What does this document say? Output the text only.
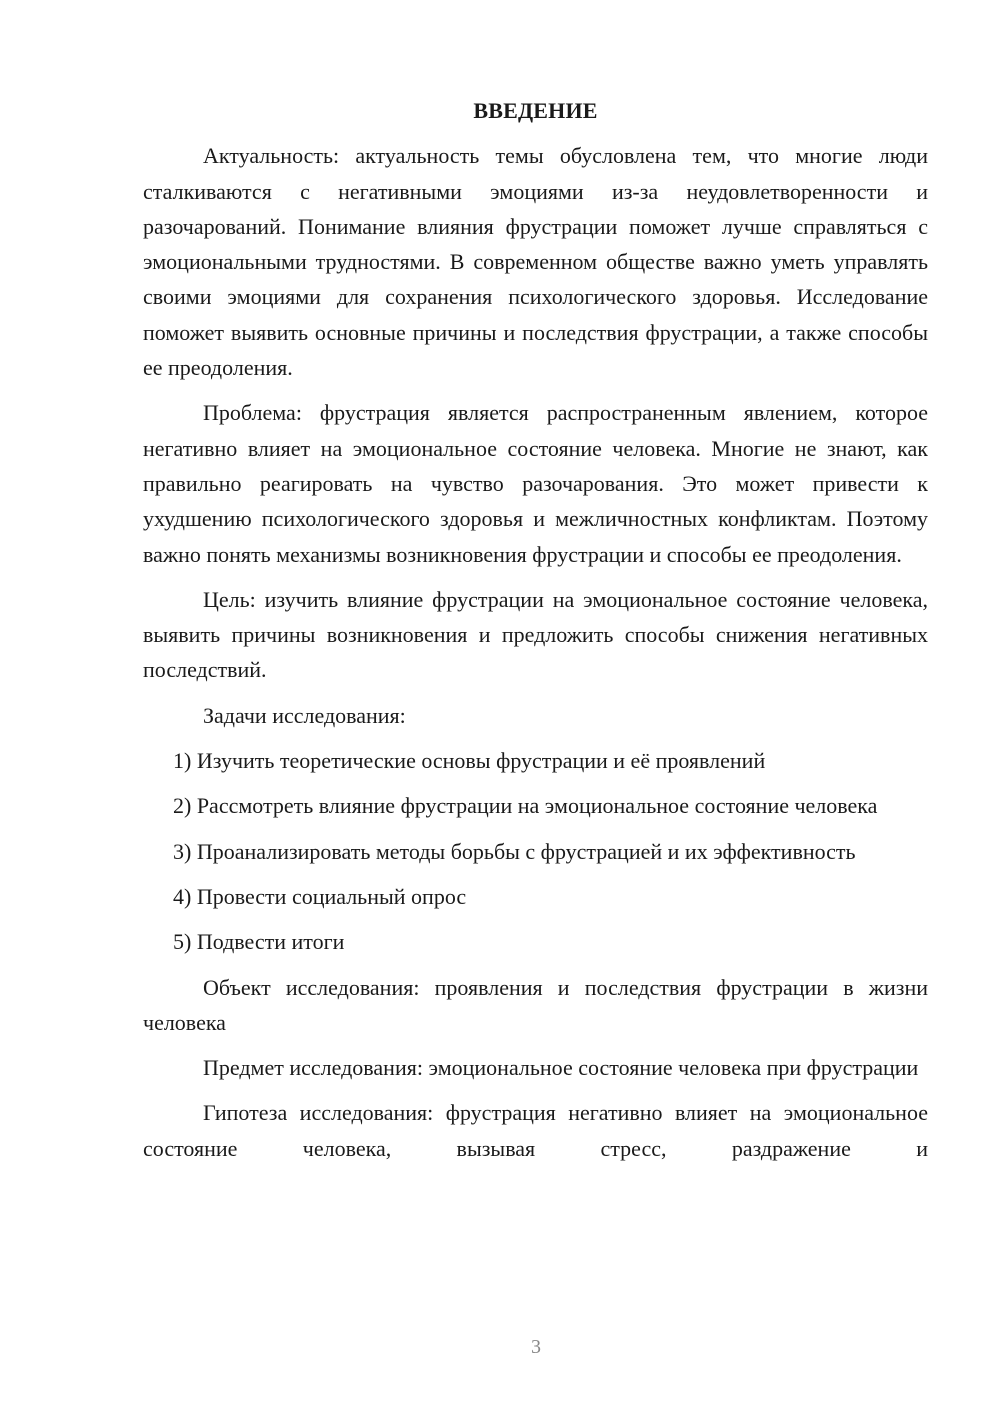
ВВЕДЕНИЕ

Актуальность: актуальность темы обусловлена тем, что многие люди сталкиваются с негативными эмоциями из-за неудовлетворенности и разочарований. Понимание влияния фрустрации поможет лучше справляться с эмоциональными трудностями. В современном обществе важно уметь управлять своими эмоциями для сохранения психологического здоровья. Исследование поможет выявить основные причины и последствия фрустрации, а также способы ее преодоления.

Проблема: фрустрация является распространенным явлением, которое негативно влияет на эмоциональное состояние человека. Многие не знают, как правильно реагировать на чувство разочарования. Это может привести к ухудшению психологического здоровья и межличностных конфликтам. Поэтому важно понять механизмы возникновения фрустрации и способы ее преодоления.

Цель: изучить влияние фрустрации на эмоциональное состояние человека, выявить причины возникновения и предложить способы снижения негативных последствий.

Задачи исследования:

1) Изучить теоретические основы фрустрации и её проявлений

2) Рассмотреть влияние фрустрации на эмоциональное состояние человека

3) Проанализировать методы борьбы с фрустрацией и их эффективность

4) Провести социальный опрос

5) Подвести итоги

Объект исследования: проявления и последствия фрустрации в жизни человека

Предмет исследования: эмоциональное состояние человека при фрустрации

Гипотеза исследования: фрустрация негативно влияет на эмоциональное состояние человека, вызывая стресс, раздражение и

3
